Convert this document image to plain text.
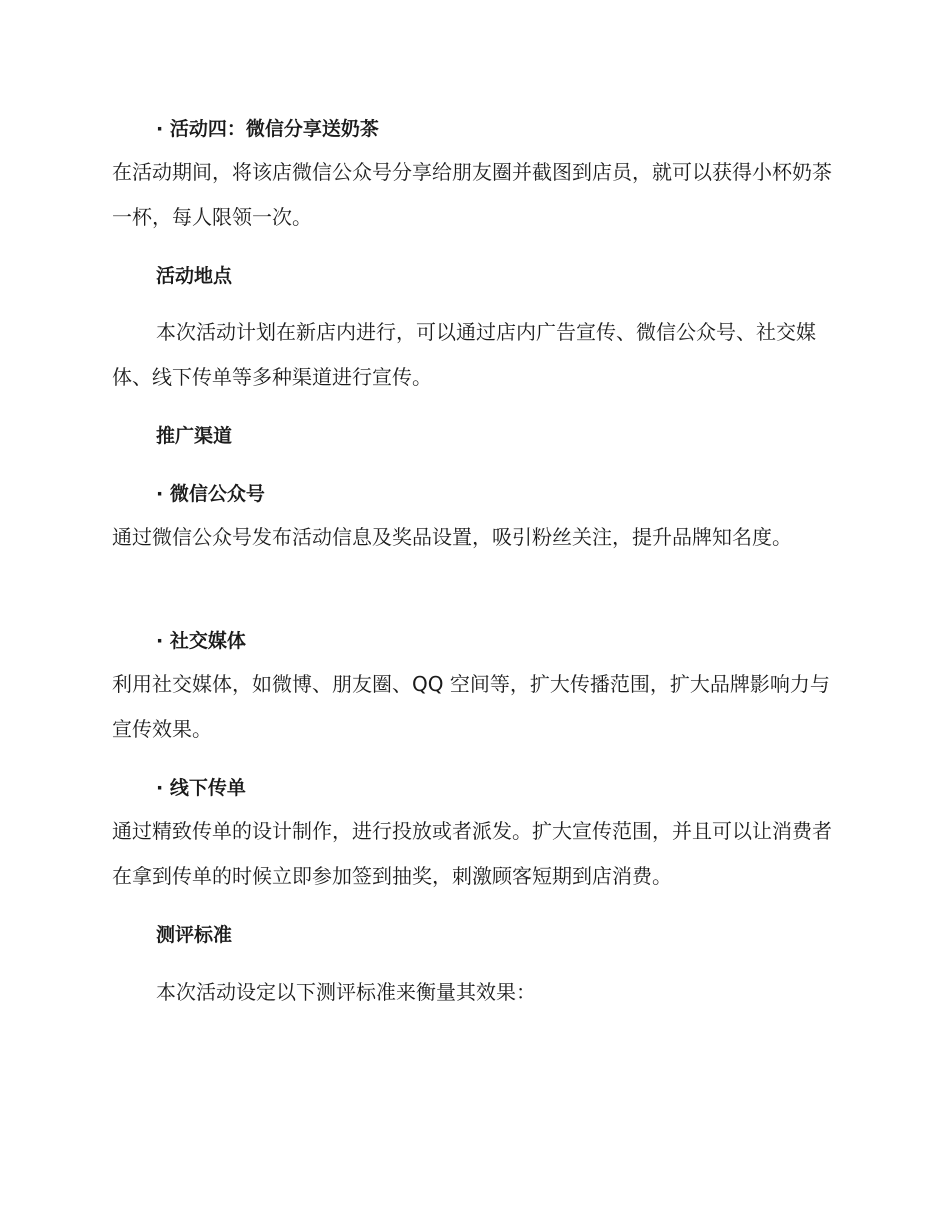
· 活动四：微信分享送奶茶
在活动期间，将该店微信公众号分享给朋友圈并截图到店员，就可以获得小杯奶茶一杯，每人限领一次。
活动地点
本次活动计划在新店内进行，可以通过店内广告宣传、微信公众号、社交媒体、线下传单等多种渠道进行宣传。
推广渠道
· 微信公众号
通过微信公众号发布活动信息及奖品设置，吸引粉丝关注，提升品牌知名度。
· 社交媒体
利用社交媒体，如微博、朋友圈、QQ 空间等，扩大传播范围，扩大品牌影响力与宣传效果。
· 线下传单
通过精致传单的设计制作，进行投放或者派发。扩大宣传范围，并且可以让消费者在拿到传单的时候立即参加签到抽奖，刺激顾客短期到店消费。
测评标准
本次活动设定以下测评标准来衡量其效果：
